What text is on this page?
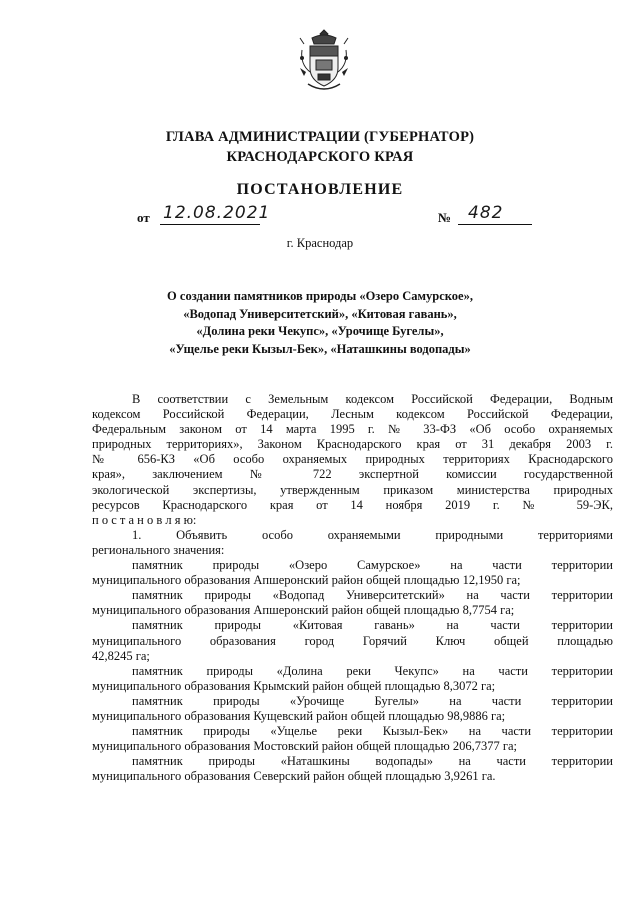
ГЛАВА АДМИНИСТРАЦИИ (ГУБЕРНАТОР)
КРАСНОДАРСКОГО КРАЯ
ПОСТАНОВЛЕНИЕ
от 12.08.2021	№ 482
г. Краснодар
О создании памятников природы «Озеро Самурское»,
«Водопад Университетский», «Китовая гавань»,
«Долина реки Чекупс», «Урочище Бугелы»,
«Ущелье реки Кызыл-Бек», «Наташкины водопады»

В соответствии с Земельным кодексом Российской Федерации, Водным

кодексом Российской Федерации, Лесным кодексом Российской Федерации,

Федеральным законом от 14 марта 1995 г. № 33-ФЗ «Об особо охраняемых

природных территориях», Законом Краснодарского края от 31 декабря 2003 г.

№ 656-КЗ «Об особо охраняемых природных территориях Краснодарского

края», заключением № 722 экспертной комиссии государственной

экологической экспертизы, утвержденным приказом министерства природных

ресурсов Краснодарского края от 14 ноября 2019 г. № 59-ЭК,

п о с т а н о в л я ю:

1. Объявить особо охраняемыми природными территориями

регионального значения:

памятник природы «Озеро Самурское» на части территории

муниципального образования Апшеронский район общей площадью 12,1950 га;

памятник природы «Водопад Университетский» на части территории

муниципального образования Апшеронский район общей площадью 8,7754 га;

памятник природы «Китовая гавань» на части территории

муниципального образования город Горячий Ключ общей площадью

42,8245 га;

памятник природы «Долина реки Чекупс» на части территории

муниципального образования Крымский район общей площадью 8,3072 га;

памятник природы «Урочище Бугелы» на части территории

муниципального образования Кущевский район общей площадью 98,9886 га;

памятник природы «Ущелье реки Кызыл-Бек» на части территории

муниципального образования Мостовский район общей площадью 206,7377 га;

памятник природы «Наташкины водопады» на части территории

муниципального образования Северский район общей площадью 3,9261 га.
